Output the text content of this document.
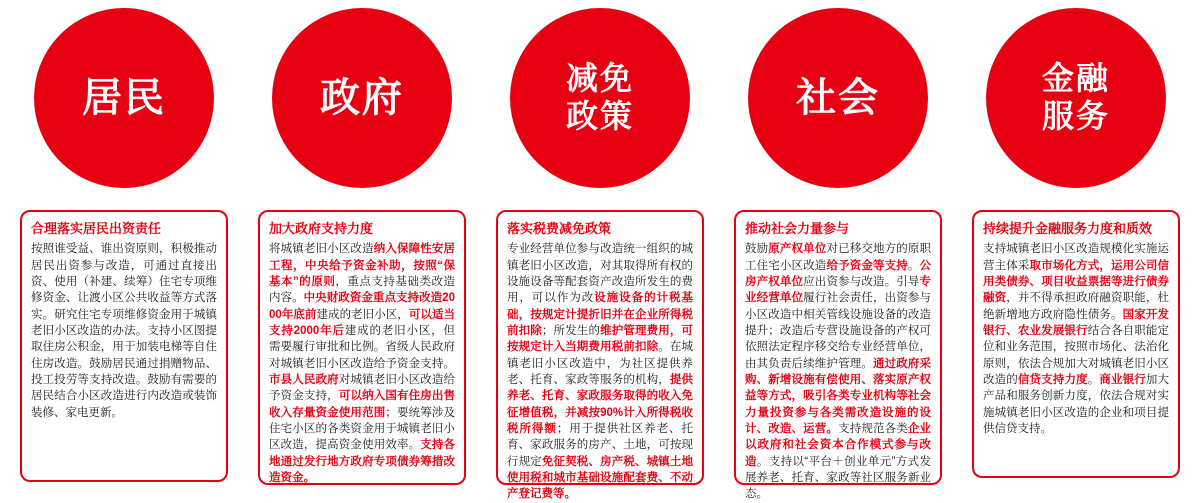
居民
合理落实居民出资责任
按照谁受益、谁出资原则，积极推动居民出资参与改造，可通过直接出资、使用（补建、续筹）住宅专项维修资金、让渡小区公共收益等方式落实。研究住宅专项维修资金用于城镇老旧小区改造的办法。支持小区图提取住房公积金，用于加装电梯等自住住房改造。鼓励居民通过捐赠物品、投工投劳等支持改造。鼓励有需要的居民结合小区改造进行内改造或装饰装修、家电更新。
政府
加大政府支持力度
将城镇老旧小区改造纳入保障性安居工程，中央给予资金补助，按照“保基本”的原则，重点支持基础类改造内容。中央财政资金重点支持改造2000年底前建成的老旧小区，可以适当支持2000年后建成的老旧小区，但需要履行审批和比例。省级人民政府对城镇老旧小区改造给予资金支持。市县人民政府对城镇老旧小区改造给予资金支持，可以纳入国有住房出售收入存量资金使用范围；要统筹涉及住宅小区的各类资金用于城镇老旧小区改造，提高资金使用效率。支持各地通过发行地方政府专项债券筹措改造资金。
减免
政策
落实税费减免政策
专业经营单位参与改造统一组织的城镇老旧小区改造，对其取得所有权的设施设备等配套资产改造所发生的费用，可以作为改设施设备的计税基础，按规定计提折旧并在企业所得税前扣除；所发生的维护管理费用，可按规定计入当期费用税前扣除。在城镇老旧小区改造中，为社区提供养老、托育、家政等服务的机构，提供养老、托育、家政服务取得的收入免征增值税，并减按90%计入所得税收税所得额；用于提供社区养老、托育、家政服务的房产、土地，可按现行规定免征契税、房产税、城镇土地使用税和城市基础设施配套费、不动产登记费等。
社会
推动社会力量参与
鼓励原产权单位对已移交地方的原职工住宅小区改造给予资金等支持。公房产权单位应出资参与改造。引导专业经营单位履行社会责任，出资参与小区改造中相关管线设施设备的改造提升；改造后专营设施设备的产权可依照法定程序移交给专业经营单位，由其负责后续维护管理。通过政府采购、新增设施有偿使用、落实原产权益等方式，吸引各类专业机构等社会力量投资参与各类需改造设施的设计、改造、运营。支持规范各类企业以政府和社会资本合作模式参与改造。支持以“平台＋创业单元”方式发展养老、托育、家政等社区服务新业态。
金融
服务
持续提升金融服务力度和质效
支持城镇老旧小区改造规模化实施运营主体采取市场化方式，运用公司信用类债券、项目收益票据等进行债券融资，并不得承担政府融资职能，杜绝新增地方政府隐性债务。国家开发银行、农业发展银行结合各自职能定位和业务范围，按照市场化、法治化原则，依法合规加大对城镇老旧小区改造的信贷支持力度。商业银行加大产品和服务创新力度，依法合规对实施城镇老旧小区改造的企业和项目提供信贷支持。
